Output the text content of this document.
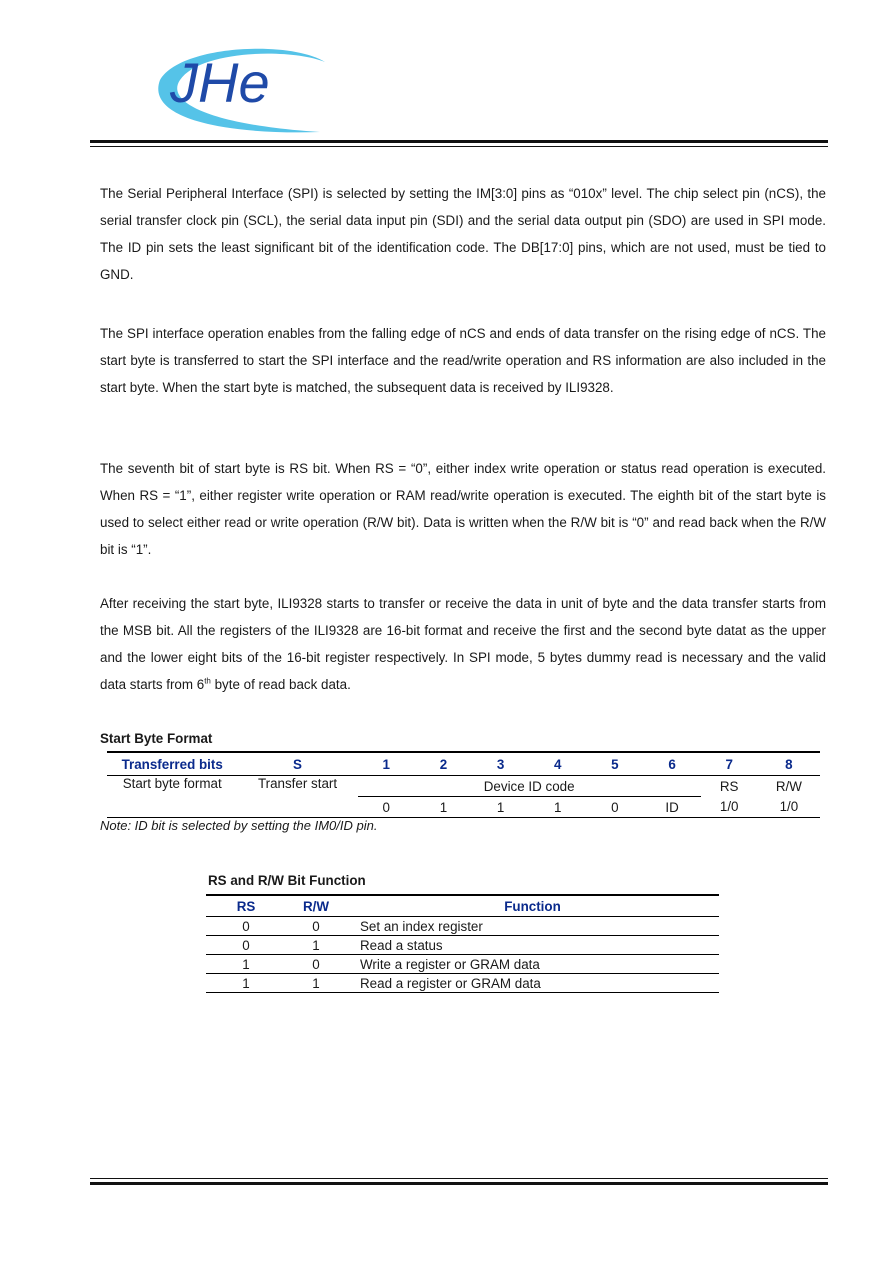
JHe

The Serial Peripheral Interface (SPI) is selected by setting the IM[3:0] pins as “010x” level. The chip select pin (nCS), the serial transfer clock pin (SCL), the serial data input pin (SDI) and the serial data output pin (SDO) are used in SPI mode. The ID pin sets the least significant bit of the identification code. The DB[17:0] pins, which are not used, must be tied to GND.

The SPI interface operation enables from the falling edge of nCS and ends of data transfer on the rising edge of nCS. The start byte is transferred to start the SPI interface and the read/write operation and RS information are also included in the start byte. When the start byte is matched, the subsequent data is received by ILI9328.

The seventh bit of start byte is RS bit. When RS = “0”, either index write operation or status read operation is executed. When RS = “1”, either register write operation or RAM read/write operation is executed. The eighth bit of the start byte is used to select either read or write operation (R/W bit). Data is written when the R/W bit is “0” and read back when the R/W bit is “1”.

After receiving the start byte, ILI9328 starts to transfer or receive the data in unit of byte and the data transfer starts from the MSB bit. All the registers of the ILI9328 are 16-bit format and receive the first and the second byte datat as the upper and the lower eight bits of the 16-bit register respectively. In SPI mode, 5 bytes dummy read is necessary and the valid data starts from 6th byte of read back data.

Start Byte Format

Transferred bits	S	1	2	3	4	5	6	7	8
Start byte format	Transfer start	Device ID code						RS	R/W
		0	1	1	1	0	ID	1/0	1/0

Note: ID bit is selected by setting the IM0/ID pin.

RS and R/W Bit Function

RS	R/W	Function
0	0	Set an index register
0	1	Read a status
1	0	Write a register or GRAM data
1	1	Read a register or GRAM data
